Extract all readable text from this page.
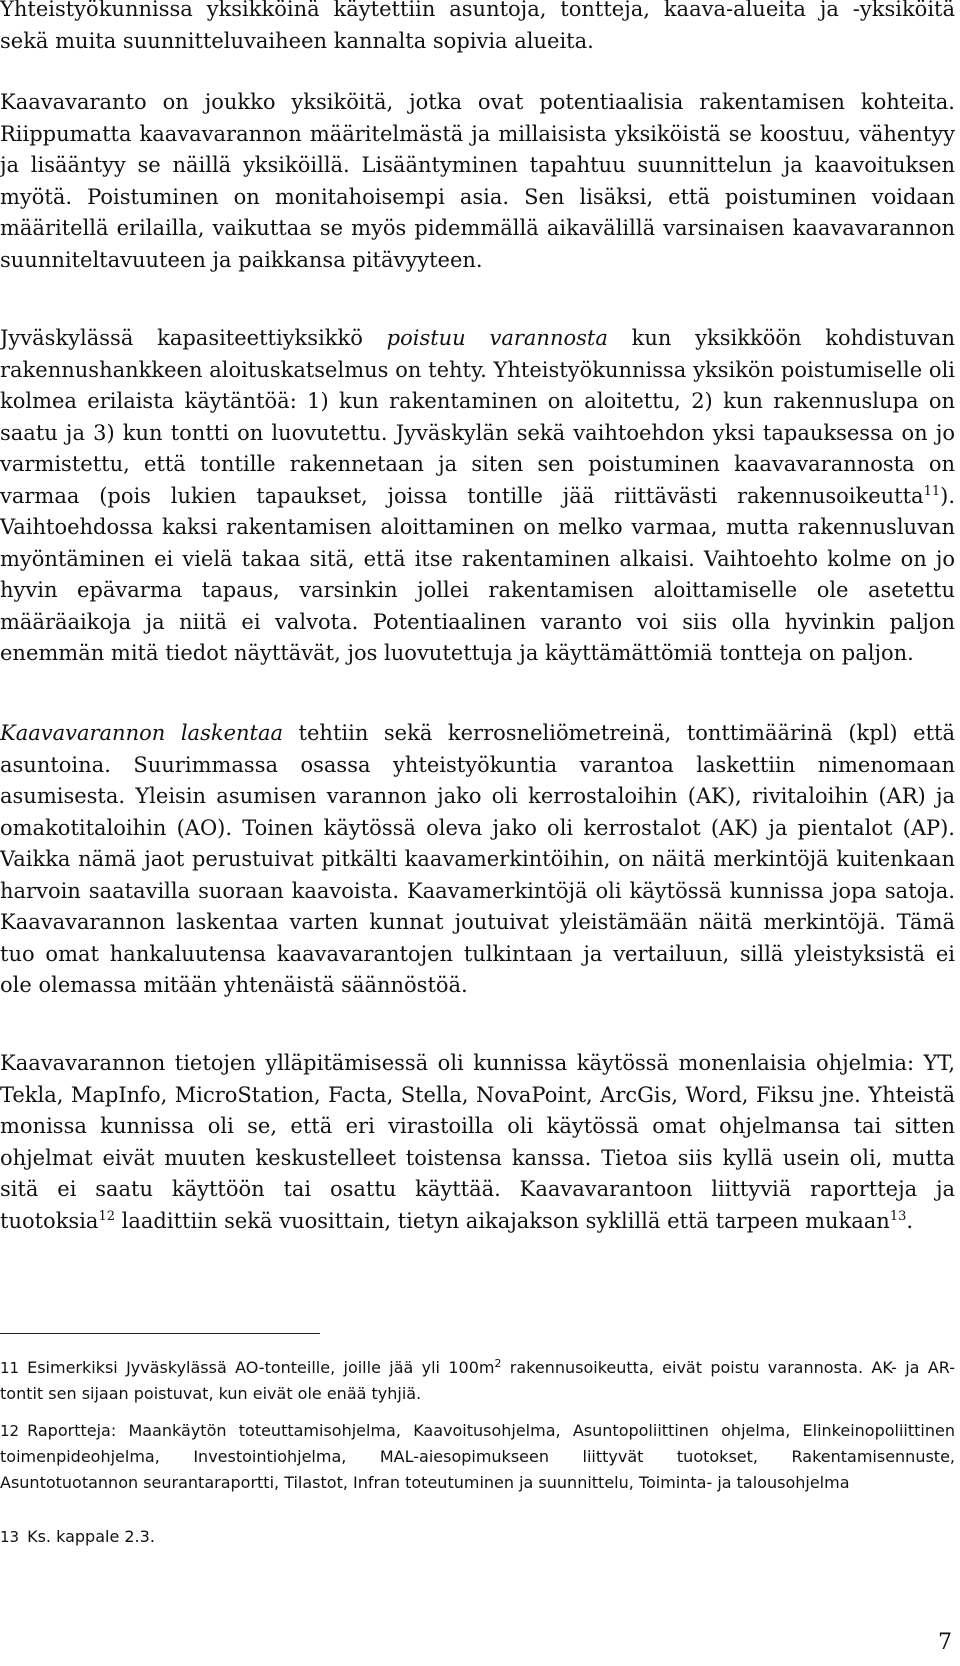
Yhteistyökunnissa yksikköinä käytettiin asuntoja, tontteja, kaava-alueita ja -yksiköitä sekä muita suunnitteluvaiheen kannalta sopivia alueita.

Kaavavaranto on joukko yksiköitä, jotka ovat potentiaalisia rakentamisen kohteita. Riippumatta kaavavarannon määritelmästä ja millaisista yksiköistä se koostuu, vähentyy ja lisääntyy se näillä yksiköillä. Lisääntyminen tapahtuu suunnittelun ja kaavoituksen myötä. Poistuminen on monitahoisempi asia. Sen lisäksi, että poistuminen voidaan määritellä erilailla, vaikuttaa se myös pidemmällä aikavälillä varsinaisen kaavavarannon suunniteltavuuteen ja paikkansa pitävyyteen.

Jyväskylässä kapasiteettiyksikkö poistuu varannosta kun yksikköön kohdistuvan rakennushankkeen aloituskatselmus on tehty. Yhteistyökunnissa yksikön poistumiselle oli kolmea erilaista käytäntöä: 1) kun rakentaminen on aloitettu, 2) kun rakennuslupa on saatu ja 3) kun tontti on luovutettu. Jyväskylän sekä vaihtoehdon yksi tapauksessa on jo varmistettu, että tontille rakennetaan ja siten sen poistuminen kaavavarannosta on varmaa (pois lukien tapaukset, joissa tontille jää riittävästi rakennusoikeutta$^{11}$). Vaihtoehdossa kaksi rakentamisen aloittaminen on melko varmaa, mutta rakennusluvan myöntäminen ei vielä takaa sitä, että itse rakentaminen alkaisi. Vaihtoehto kolme on jo hyvin epävarma tapaus, varsinkin jollei rakentamisen aloittamiselle ole asetettu määräaikoja ja niitä ei valvota. Potentiaalinen varanto voi siis olla hyvinkin paljon enemmän mitä tiedot näyttävät, jos luovutettuja ja käyttämättömiä tontteja on paljon.

Kaavavarannon laskentaa tehtiin sekä kerrosneliömetreinä, tonttimäärinä (kpl) että asuntoina. Suurimmassa osassa yhteistyökuntia varantoa laskettiin nimenomaan asumisesta. Yleisin asumisen varannon jako oli kerrostaloihin (AK), rivitaloihin (AR) ja omakotitaloihin (AO). Toinen käytössä oleva jako oli kerrostalot (AK) ja pientalot (AP). Vaikka nämä jaot perustuivat pitkälti kaavamerkintöihin, on näitä merkintöjä kuitenkaan harvoin saatavilla suoraan kaavoista. Kaavamerkintöjä oli käytössä kunnissa jopa satoja. Kaavavarannon laskentaa varten kunnat joutuivat yleistämään näitä merkintöjä. Tämä tuo omat hankaluutensa kaavavarantojen tulkintaan ja vertailuun, sillä yleistyksistä ei ole olemassa mitään yhtenäistä säännöstöä.

Kaavavarannon tietojen ylläpitämisessä oli kunnissa käytössä monenlaisia ohjelmia: YT, Tekla, MapInfo, MicroStation, Facta, Stella, NovaPoint, ArcGis, Word, Fiksu jne. Yhteistä monissa kunnissa oli se, että eri virastoilla oli käytössä omat ohjelmansa tai sitten ohjelmat eivät muuten keskustelleet toistensa kanssa. Tietoa siis kyllä usein oli, mutta sitä ei saatu käyttöön tai osattu käyttää. Kaavavarantoon liittyviä raportteja ja tuotoksia$^{12}$ laadittiin sekä vuosittain, tietyn aikajakson syklillä että tarpeen mukaan$^{13}$.

11 Esimerkiksi Jyväskylässä AO-tonteille, joille jää yli $100m^2$ rakennusoikeutta, eivät poistu varannosta. AK- ja AR-tontit sen sijaan poistuvat, kun eivät ole enää tyhjiä.

12 Raportteja: Maankäytön toteuttamisohjelma, Kaavoitusohjelma, Asuntopoliittinen ohjelma, Elinkeinopoliittinen toimenpideohjelma, Investointiohjelma, MAL-aiesopimukseen liittyvät tuotokset, Rakentamisennuste, Asuntotuotannon seurantaraportti, Tilastot, Infran toteutuminen ja suunnittelu, Toiminta- ja talousohjelma

13 Ks. kappale 2.3.

7
